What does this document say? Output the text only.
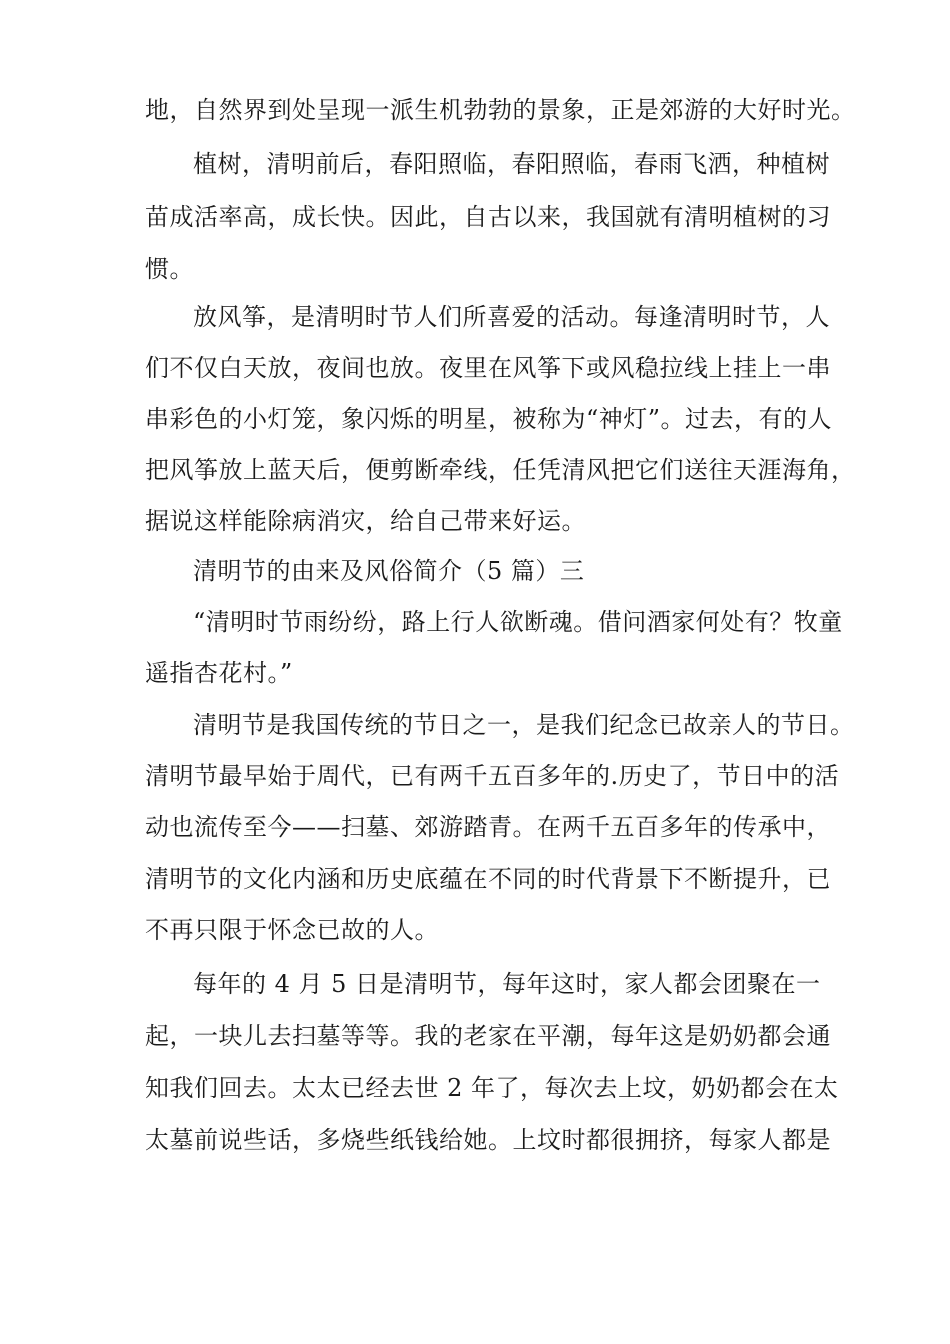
地，自然界到处呈现一派生机勃勃的景象，正是郊游的大好时光。
植树，清明前后，春阳照临，春阳照临，春雨飞洒，种植树
苗成活率高，成长快。因此，自古以来，我国就有清明植树的习
惯。
放风筝，是清明时节人们所喜爱的活动。每逢清明时节，人
们不仅白天放，夜间也放。夜里在风筝下或风稳拉线上挂上一串
串彩色的小灯笼，象闪烁的明星，被称为“神灯”。过去，有的人
把风筝放上蓝天后，便剪断牵线，任凭清风把它们送往天涯海角，
据说这样能除病消灾，给自己带来好运。
清明节的由来及风俗简介（5 篇）三
“清明时节雨纷纷，路上行人欲断魂。借问酒家何处有？牧童
遥指杏花村。”
清明节是我国传统的节日之一，是我们纪念已故亲人的节日。
清明节最早始于周代，已有两千五百多年的.历史了，节日中的活
动也流传至今——扫墓、郊游踏青。在两千五百多年的传承中，
清明节的文化内涵和历史底蕴在不同的时代背景下不断提升，已
不再只限于怀念已故的人。
每年的 4 月 5 日是清明节，每年这时，家人都会团聚在一
起，一块儿去扫墓等等。我的老家在平潮，每年这是奶奶都会通
知我们回去。太太已经去世 2 年了，每次去上坟，奶奶都会在太
太墓前说些话，多烧些纸钱给她。上坟时都很拥挤，每家人都是
